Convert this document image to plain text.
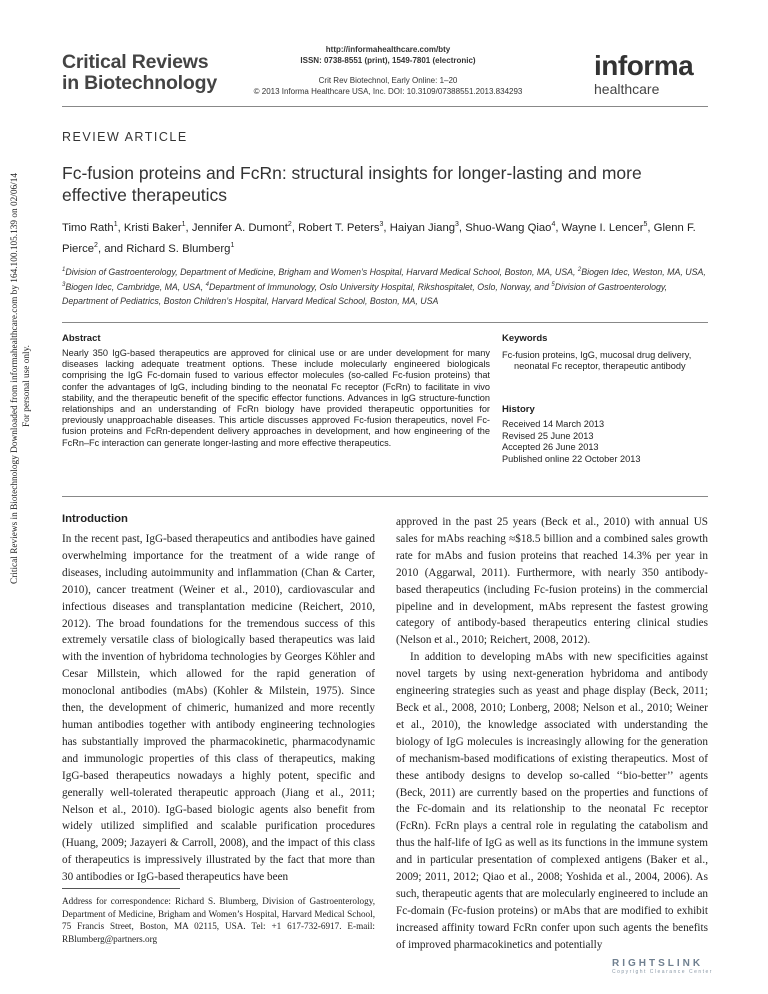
Critical Reviews
in Biotechnology
http://informahealthcare.com/bty
ISSN: 0738-8551 (print), 1549-7801 (electronic)
Crit Rev Biotechnol, Early Online: 1–20
© 2013 Informa Healthcare USA, Inc. DOI: 10.3109/07388551.2013.834293
informa
healthcare
Critical Reviews in Biotechnology Downloaded from informahealthcare.com by 164.100.105.139 on 02/06/14 For personal use only.
REVIEW ARTICLE
Fc-fusion proteins and FcRn: structural insights for longer-lasting and more effective therapeutics
Timo Rath$^1$, Kristi Baker$^1$, Jennifer A. Dumont$^2$, Robert T. Peters$^3$, Haiyan Jiang$^3$, Shuo-Wang Qiao$^4$, Wayne I. Lencer$^5$, Glenn F. Pierce$^2$, and Richard S. Blumberg$^1$
$^1$Division of Gastroenterology, Department of Medicine, Brigham and Women’s Hospital, Harvard Medical School, Boston, MA, USA, $^2$Biogen Idec, Weston, MA, USA, $^3$Biogen Idec, Cambridge, MA, USA, $^4$Department of Immunology, Oslo University Hospital, Rikshospitalet, Oslo, Norway, and $^5$Division of Gastroenterology, Department of Pediatrics, Boston Children’s Hospital, Harvard Medical School, Boston, MA, USA
Abstract
Nearly 350 IgG-based therapeutics are approved for clinical use or are under development for many diseases lacking adequate treatment options. These include molecularly engineered biologicals comprising the IgG Fc-domain fused to various effector molecules (so-called Fc-fusion proteins) that confer the advantages of IgG, including binding to the neonatal Fc receptor (FcRn) to facilitate in vivo stability, and the therapeutic benefit of the specific effector functions. Advances in IgG structure-function relationships and an understanding of FcRn biology have provided therapeutic opportunities for previously unapproachable diseases. This article discusses approved Fc-fusion therapeutics, novel Fc-fusion proteins and FcRn-dependent delivery approaches in development, and how engineering of the FcRn–Fc interaction can generate longer-lasting and more effective therapeutics.
Keywords
Fc-fusion proteins, IgG, mucosal drug delivery, neonatal Fc receptor, therapeutic antibody
History
Received 14 March 2013
Revised 25 June 2013
Accepted 26 June 2013
Published online 22 October 2013
Introduction

In the recent past, IgG-based therapeutics and antibodies have gained overwhelming importance for the treatment of a wide range of diseases, including autoimmunity and inflammation (Chan & Carter, 2010), cancer treatment (Weiner et al., 2010), cardiovascular and infectious diseases and transplantation medicine (Reichert, 2010, 2012). The broad foundations for the tremendous success of this extremely versatile class of biologically based therapeutics was laid with the invention of hybridoma technologies by Georges Köhler and Cesar Millstein, which allowed for the rapid generation of monoclonal antibodies (mAbs) (Kohler & Milstein, 1975). Since then, the development of chimeric, humanized and more recently human antibodies together with antibody engineering technologies has substantially improved the pharmacokinetic, pharmacodynamic and immunologic properties of this class of therapeutics, making IgG-based therapeutics nowadays a highly potent, specific and generally well-tolerated therapeutic approach (Jiang et al., 2011; Nelson et al., 2010). IgG-based biologic agents also benefit from widely utilized simplified and scalable purification procedures (Huang, 2009; Jazayeri & Carroll, 2008), and the impact of this class of therapeutics is impressively illustrated by the fact that more than 30 antibodies or IgG-based therapeutics have been

approved in the past 25 years (Beck et al., 2010) with annual US sales for mAbs reaching ≈$18.5 billion and a combined sales growth rate for mAbs and fusion proteins that reached 14.3% per year in 2010 (Aggarwal, 2011). Furthermore, with nearly 350 antibody-based therapeutics (including Fc-fusion proteins) in the commercial pipeline and in development, mAbs represent the fastest growing category of antibody-based therapeutics entering clinical studies (Nelson et al., 2010; Reichert, 2008, 2012).

In addition to developing mAbs with new specificities against novel targets by using next-generation hybridoma and antibody engineering strategies such as yeast and phage display (Beck, 2011; Beck et al., 2008, 2010; Lonberg, 2008; Nelson et al., 2010; Weiner et al., 2010), the knowledge associated with understanding the biology of IgG molecules is increasingly allowing for the generation of mechanism-based modifications of existing therapeutics. Most of these antibody designs to develop so-called ‘‘bio-better’’ agents (Beck, 2011) are currently based on the properties and functions of the Fc-domain and its relationship to the neonatal Fc receptor (FcRn). FcRn plays a central role in regulating the catabolism and thus the half-life of IgG as well as its functions in the immune system and in particular presentation of complexed antigens (Baker et al., 2009; 2011, 2012; Qiao et al., 2008; Yoshida et al., 2004, 2006). As such, therapeutic agents that are molecularly engineered to include an Fc-domain (Fc-fusion proteins) or mAbs that are modified to exhibit increased affinity toward FcRn confer upon such agents the benefits of improved pharmacokinetics and potentially

Address for correspondence: Richard S. Blumberg, Division of Gastroenterology, Department of Medicine, Brigham and Women’s Hospital, Harvard Medical School, 75 Francis Street, Boston, MA 02115, USA. Tel: +1 617-732-6917. E-mail: RBlumberg@partners.org
RIGHTSLINK
Copyright Clearance Center
